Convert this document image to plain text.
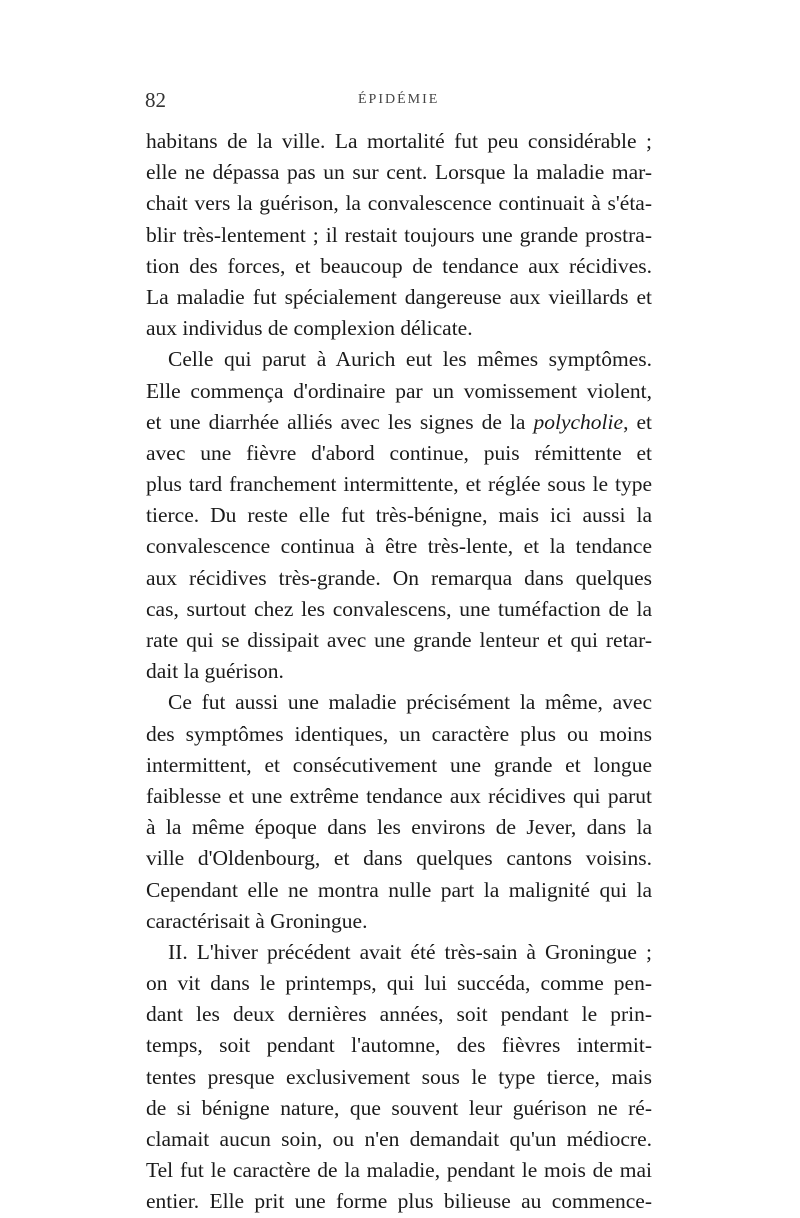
82	ÉPIDÉMIE
habitans de la ville. La mortalité fut peu considérable ;
elle ne dépassa pas un sur cent. Lorsque la maladie mar-
chait vers la guérison, la convalescence continuait à s'éta-
blir très-lentement ; il restait toujours une grande prostra-
tion des forces, et beaucoup de tendance aux récidives.
La maladie fut spécialement dangereuse aux vieillards et
aux individus de complexion délicate.
Celle qui parut à Aurich eut les mêmes symptômes.
Elle commença d'ordinaire par un vomissement violent,
et une diarrhée alliés avec les signes de la polycholie, et
avec une fièvre d'abord continue, puis rémittente et
plus tard franchement intermittente, et réglée sous le type
tierce. Du reste elle fut très-bénigne, mais ici aussi la
convalescence continua à être très-lente, et la tendance
aux récidives très-grande. On remarqua dans quelques
cas, surtout chez les convalescens, une tuméfaction de la
rate qui se dissipait avec une grande lenteur et qui retar-
dait la guérison.
Ce fut aussi une maladie précisément la même, avec
des symptômes identiques, un caractère plus ou moins
intermittent, et consécutivement une grande et longue
faiblesse et une extrême tendance aux récidives qui parut
à la même époque dans les environs de Jever, dans la
ville d'Oldenbourg, et dans quelques cantons voisins.
Cependant elle ne montra nulle part la malignité qui la
caractérisait à Groningue.
II. L'hiver précédent avait été très-sain à Groningue ;
on vit dans le printemps, qui lui succéda, comme pen-
dant les deux dernières années, soit pendant le prin-
temps, soit pendant l'automne, des fièvres intermit-
tentes presque exclusivement sous le type tierce, mais
de si bénigne nature, que souvent leur guérison ne ré-
clamait aucun soin, ou n'en demandait qu'un médiocre.
Tel fut le caractère de la maladie, pendant le mois de mai
entier. Elle prit une forme plus bilieuse au commence-
